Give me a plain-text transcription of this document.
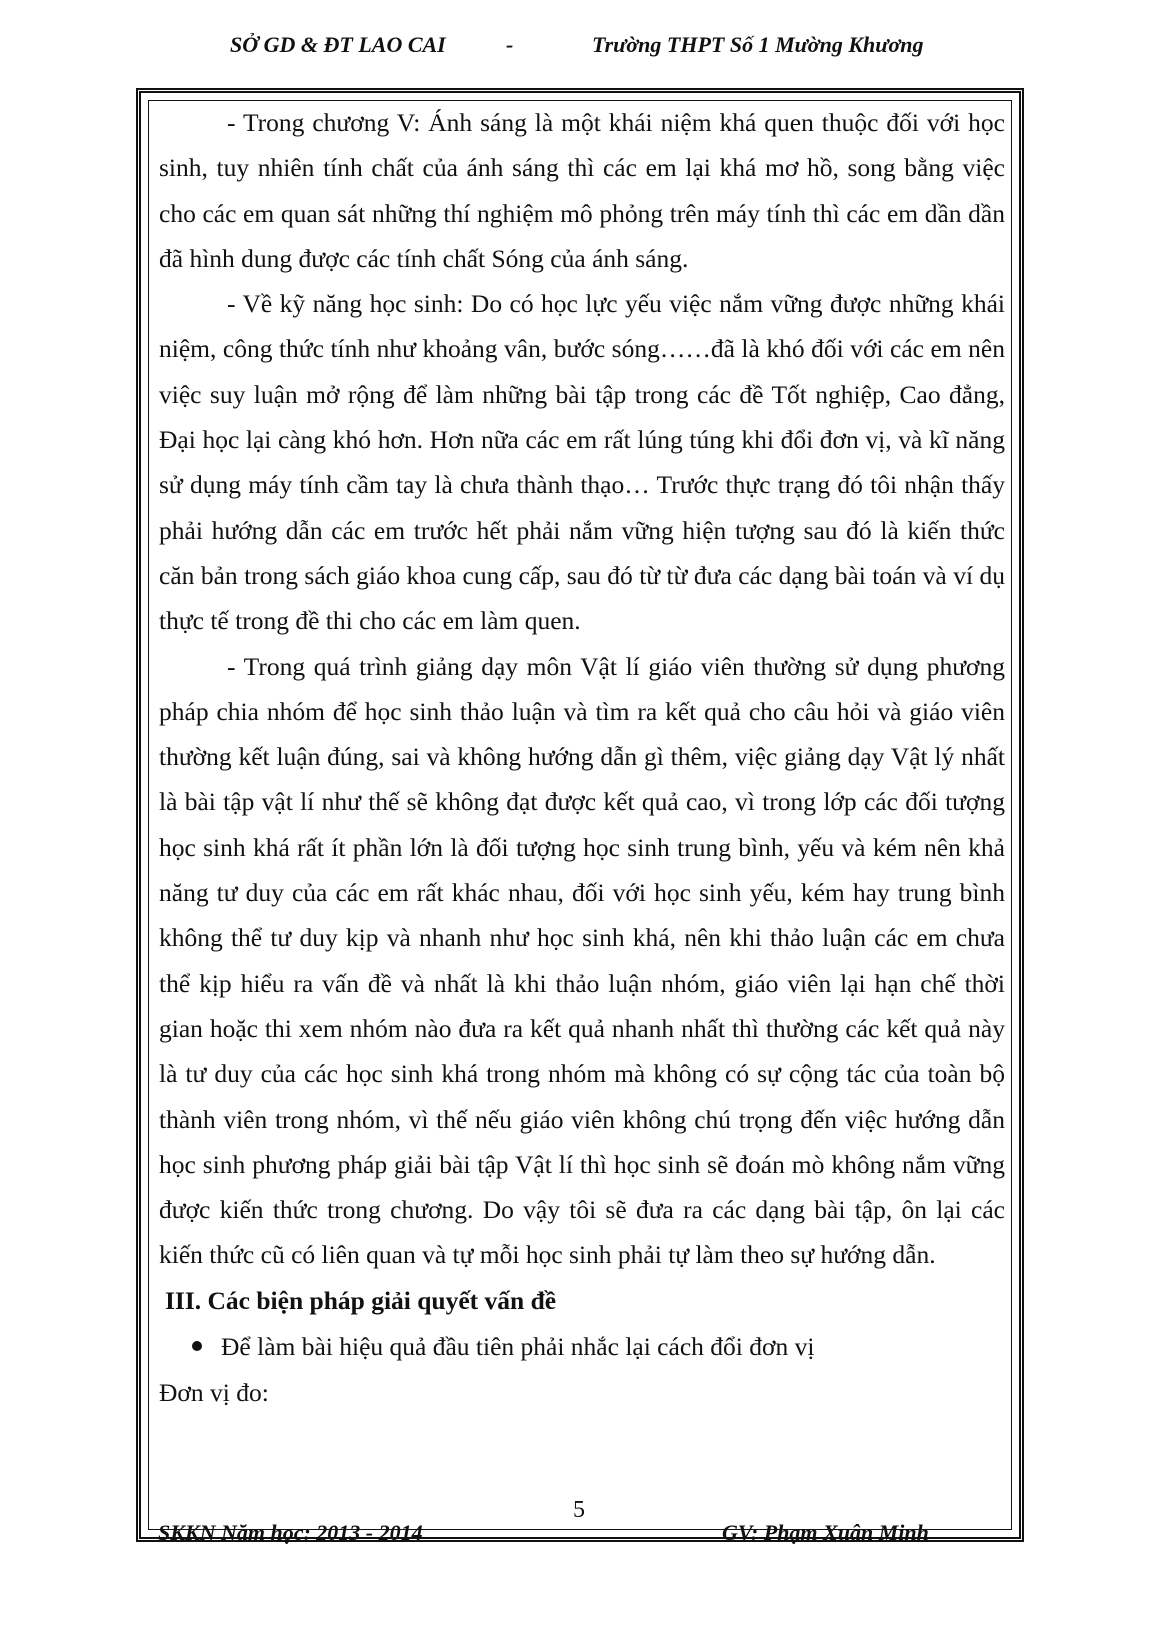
SỞ GD & ĐT LAO CAI	-	Trường THPT Số 1 Mường Khương

- Trong chương V: Ánh sáng là một khái niệm khá quen thuộc đối với học sinh, tuy nhiên tính chất của ánh sáng thì các em lại khá mơ hồ, song bằng việc cho các em quan sát những thí nghiệm mô phỏng trên máy tính thì các em dần dần đã hình dung được các tính chất Sóng của ánh sáng.

- Về kỹ năng học sinh: Do có học lực yếu việc nắm vững được những khái niệm, công thức tính như khoảng vân, bước sóng……đã là khó đối với các em nên việc suy luận mở rộng để làm những bài tập trong các đề Tốt nghiệp, Cao đẳng, Đại học lại càng khó hơn. Hơn nữa các em rất lúng túng khi đổi đơn vị, và kĩ năng sử dụng máy tính cầm tay là chưa thành thạo… Trước thực trạng đó tôi nhận thấy phải hướng dẫn các em trước hết phải nắm vững hiện tượng sau đó là kiến thức căn bản trong sách giáo khoa cung cấp, sau đó từ từ đưa các dạng bài toán và ví dụ thực tế trong đề thi cho các em làm quen.

- Trong quá trình giảng dạy môn Vật lí giáo viên thường sử dụng phương pháp chia nhóm để học sinh thảo luận và tìm ra kết quả cho câu hỏi và giáo viên thường kết luận đúng, sai và không hướng dẫn gì thêm, việc giảng dạy Vật lý nhất là bài tập vật lí như thế sẽ không đạt được kết quả cao, vì trong lớp các đối tượng học sinh khá rất ít phần lớn là đối tượng học sinh trung bình, yếu và kém nên khả năng tư duy của các em rất khác nhau, đối với học sinh yếu, kém hay trung bình không thể tư duy kịp và nhanh như học sinh khá, nên khi thảo luận các em chưa thể kịp hiểu ra vấn đề và nhất là khi thảo luận nhóm, giáo viên lại hạn chế thời gian hoặc thi xem nhóm nào đưa ra kết quả nhanh nhất thì thường các kết quả này là tư duy của các học sinh khá trong nhóm mà không có sự cộng tác của toàn bộ thành viên trong nhóm, vì thế nếu giáo viên không chú trọng đến việc hướng dẫn học sinh phương pháp giải bài tập Vật lí thì học sinh sẽ đoán mò không nắm vững được kiến thức trong chương. Do vậy tôi sẽ đưa ra các dạng bài tập, ôn lại các kiến thức cũ có liên quan và tự mỗi học sinh phải tự làm theo sự hướng dẫn.

III. Các biện pháp giải quyết vấn đề
Để làm bài hiệu quả đầu tiên phải nhắc lại cách đổi đơn vị
Đơn vị đo:
5
SKKN Năm học: 2013 - 2014	GV: Phạm Xuân Minh
